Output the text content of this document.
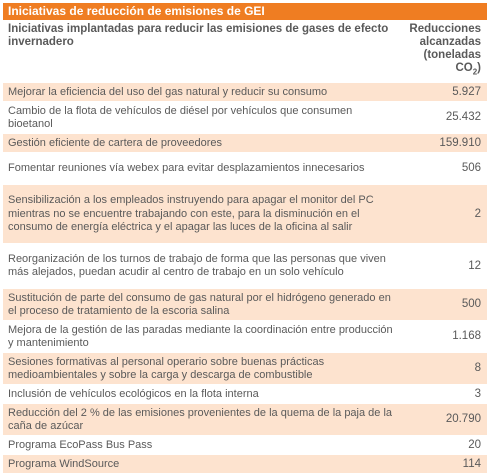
Iniciativas de reducción de emisiones de GEI
Iniciativas implantadas para reducir las emisiones de gases de efecto invernadero	Reducciones alcanzadas (toneladas $CO_2$)
Mejorar la eficiencia del uso del gas natural y reducir su consumo	5.927
Cambio de la flota de vehículos de diésel por vehículos que consumen bioetanol	25.432
Gestión eficiente de cartera de proveedores	159.910
Fomentar reuniones vía webex para evitar desplazamientos innecesarios	506
Sensibilización a los empleados instruyendo para apagar el monitor del PC mientras no se encuentre trabajando con este, para la disminución en el consumo de energía eléctrica y el apagar las luces de la oficina al salir	2
Reorganización de los turnos de trabajo de forma que las personas que viven más alejados, puedan acudir al centro de trabajo en un solo vehículo	12
Sustitución de parte del consumo de gas natural por el hidrógeno generado en el proceso de tratamiento de la escoria salina	500
Mejora de la gestión de las paradas mediante la coordinación entre producción y mantenimiento	1.168
Sesiones formativas al personal operario sobre buenas prácticas medioambientales y sobre la carga y descarga de combustible	8
Inclusión de vehículos ecológicos en la flota interna	3
Reducción del 2 % de las emisiones provenientes de la quema de la paja de la caña de azúcar	20.790
Programa EcoPass Bus Pass	20
Programa WindSource	114
